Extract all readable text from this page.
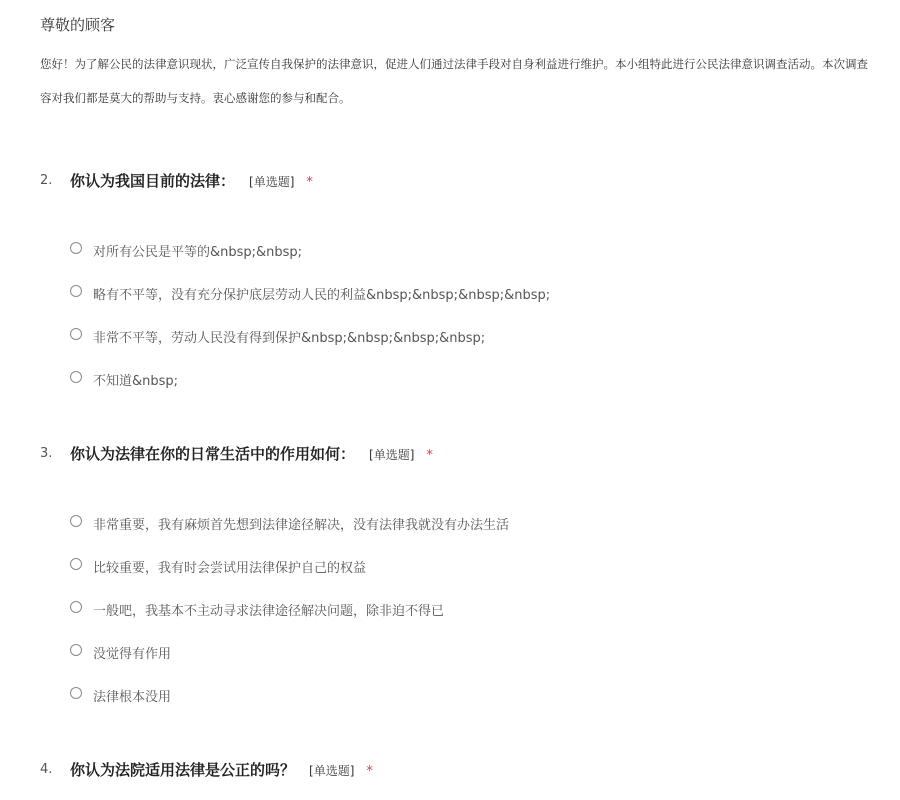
尊敬的顾客
您好！为了解公民的法律意识现状，广泛宣传自我保护的法律意识，促进人们通过法律手段对自身利益进行维护。本小组特此进行公民法律意识调查活动。本次调查
容对我们都是莫大的帮助与支持。衷心感谢您的参与和配合。
2. 你认为我国目前的法律： [单选题] *
对所有公民是平等的&nbsp;&nbsp;
略有不平等，没有充分保护底层劳动人民的利益&nbsp;&nbsp;&nbsp;&nbsp;
非常不平等，劳动人民没有得到保护&nbsp;&nbsp;&nbsp;&nbsp;
不知道&nbsp;
3. 你认为法律在你的日常生活中的作用如何： [单选题] *
非常重要，我有麻烦首先想到法律途径解决，没有法律我就没有办法生活
比较重要，我有时会尝试用法律保护自己的权益
一般吧，我基本不主动寻求法律途径解决问题，除非迫不得已
没觉得有作用
法律根本没用
4. 你认为法院适用法律是公正的吗？ [单选题] *
